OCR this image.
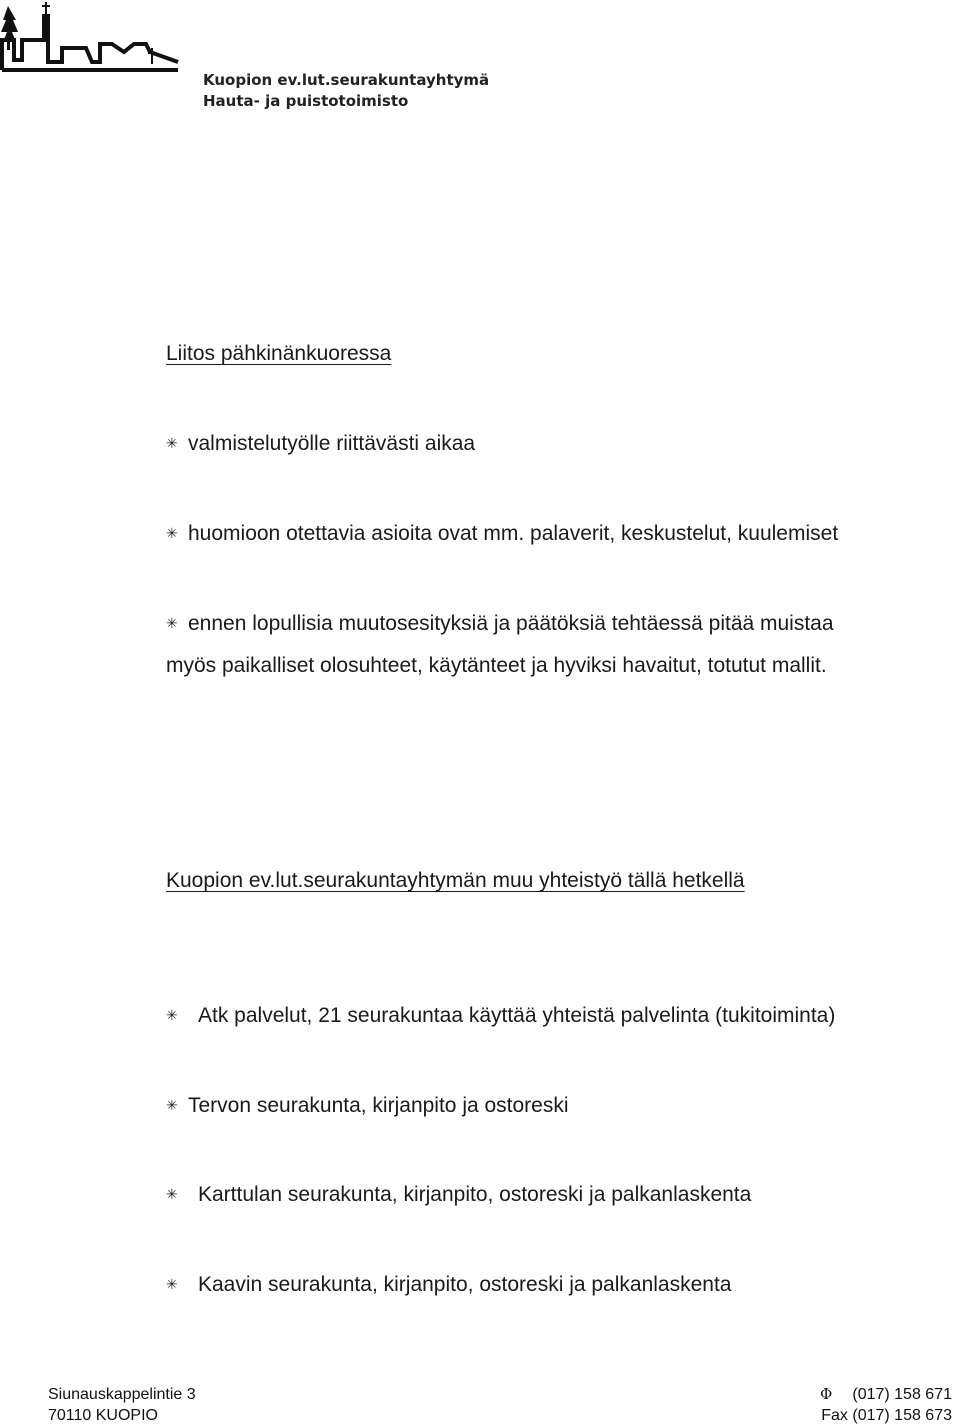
Kuopion ev.lut.seurakuntayhtymä
Hauta- ja puistotoimisto
Liitos pähkinänkuoressa
✳ valmistelutyölle riittävästi aikaa
✳ huomioon otettavia asioita ovat mm. palaverit, keskustelut, kuulemiset
✳ ennen lopullisia muutosesityksiä ja päätöksiä tehtäessä pitää muistaa
myös paikalliset olosuhteet, käytänteet ja hyviksi havaitut, totutut mallit.
Kuopion ev.lut.seurakuntayhtymän muu yhteistyö tällä hetkellä
✳ Atk palvelut, 21 seurakuntaa käyttää yhteistä palvelinta (tukitoiminta)
✳ Tervon seurakunta, kirjanpito ja ostoreski
✳ Karttulan seurakunta, kirjanpito, ostoreski ja palkanlaskenta
✳ Kaavin seurakunta, kirjanpito, ostoreski ja palkanlaskenta
Siunauskappelintie 3
70110 KUOPIO
Φ (017) 158 671
Fax (017) 158 673
